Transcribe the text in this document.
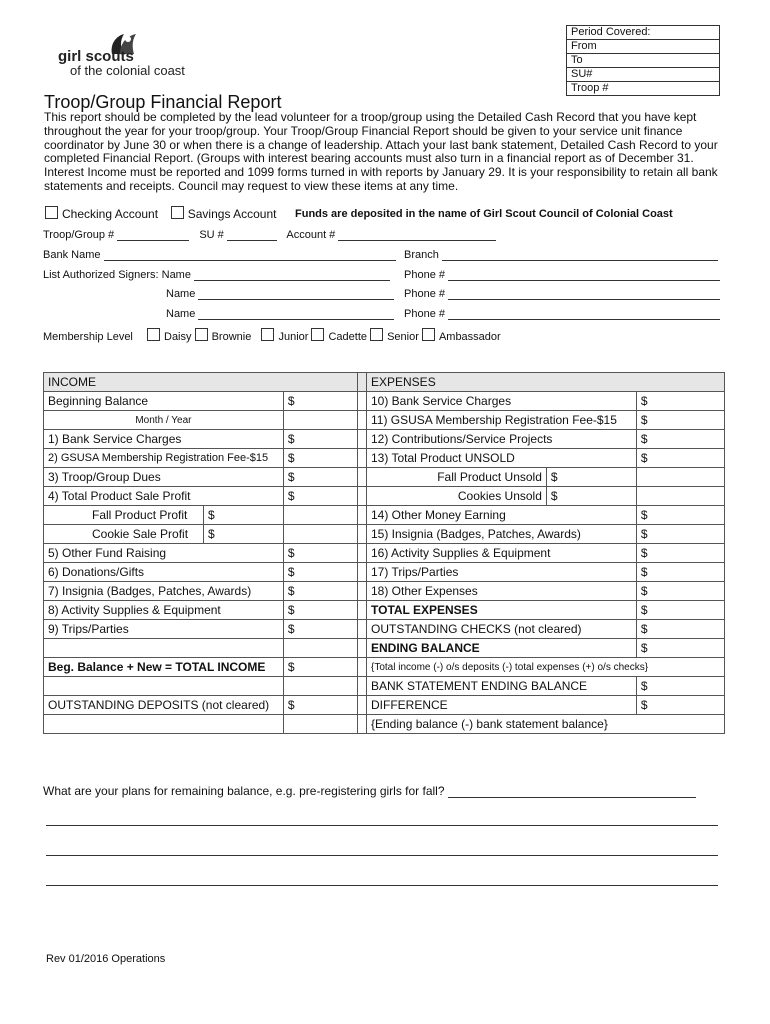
girl scouts
of the colonial coast
Period Covered:
From
To
SU#
Troop #
Troop/Group Financial Report
This report should be completed by the lead volunteer for a troop/group using the Detailed Cash Record that you have kept throughout the year for your troop/group. Your Troop/Group Financial Report should be given to your service unit finance coordinator by June 30 or when there is a change of leadership. Attach your last bank statement, Detailed Cash Record to your completed Financial Report. (Groups with interest bearing accounts must also turn in a financial report as of December 31. Interest Income must be reported and 1099 forms turned in with reports by January 29. It is your responsibility to retain all bank statements and receipts. Council may request to view these items at any time.
Checking Account Savings Account Funds are deposited in the name of Girl Scout Council of Colonial Coast
Troop/Group #	SU #	Account #
Bank Name	Branch
List Authorized Signers: Name	Phone #
Name	Phone #
Name	Phone #
Membership Level	Daisy Brownie Junior Cadette Senior Ambassador
INCOME				EXPENSES		
Beginning Balance		$		10) Bank Service Charges		$
Month / Year				11) GSUSA Membership Registration Fee-$15		$
1) Bank Service Charges		$		12) Contributions/Service Projects		$
2) GSUSA Membership Registration Fee-$15		$		13) Total Product UNSOLD		$
3) Troop/Group Dues		$		Fall Product Unsold	$	
4) Total Product Sale Profit		$		Cookies Unsold	$	
Fall Product Profit	$			14) Other Money Earning		$
Cookie Sale Profit	$			15) Insignia (Badges, Patches, Awards)		$
5) Other Fund Raising		$		16) Activity Supplies & Equipment		$
6) Donations/Gifts		$		17) Trips/Parties		$
7) Insignia (Badges, Patches, Awards)		$		18) Other Expenses		$
8) Activity Supplies & Equipment		$		TOTAL EXPENSES		$
9) Trips/Parties		$		OUTSTANDING CHECKS (not cleared)		$
				ENDING BALANCE		$
Beg. Balance + New = TOTAL INCOME		$		{Total income (-) o/s deposits (-) total expenses (+) o/s checks}		
				BANK STATEMENT ENDING BALANCE		$
OUTSTANDING DEPOSITS (not cleared)		$		DIFFERENCE		$
				{Ending balance (-) bank statement balance}		
What are your plans for remaining balance, e.g. pre-registering girls for fall?
Rev 01/2016 Operations
